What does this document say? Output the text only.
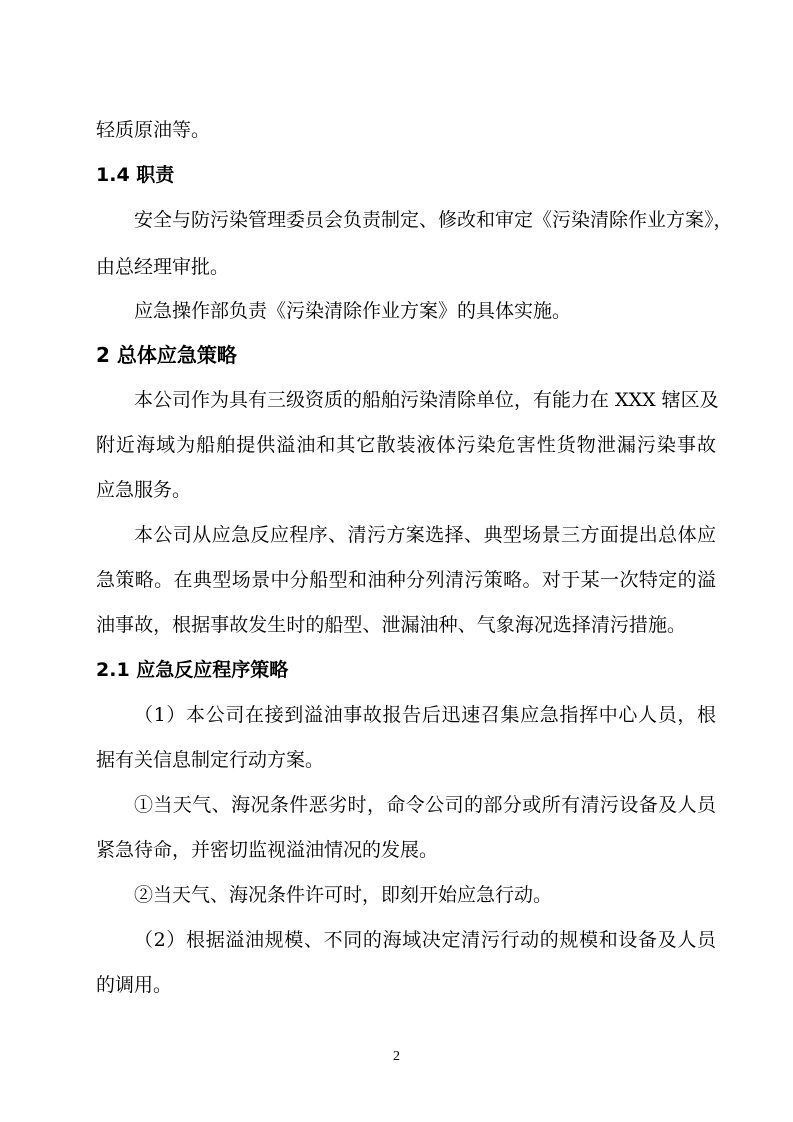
轻质原油等。
1.4 职责
安全与防污染管理委员会负责制定、修改和审定《污染清除作业方案》，
由总经理审批。
应急操作部负责《污染清除作业方案》的具体实施。
2 总体应急策略
本公司作为具有三级资质的船舶污染清除单位，有能力在 XXX 辖区及
附近海域为船舶提供溢油和其它散装液体污染危害性货物泄漏污染事故
应急服务。
本公司从应急反应程序、清污方案选择、典型场景三方面提出总体应
急策略。在典型场景中分船型和油种分列清污策略。对于某一次特定的溢
油事故，根据事故发生时的船型、泄漏油种、气象海况选择清污措施。
2.1 应急反应程序策略
（1）本公司在接到溢油事故报告后迅速召集应急指挥中心人员，根
据有关信息制定行动方案。
①当天气、海况条件恶劣时，命令公司的部分或所有清污设备及人员
紧急待命，并密切监视溢油情况的发展。
②当天气、海况条件许可时，即刻开始应急行动。
（2）根据溢油规模、不同的海域决定清污行动的规模和设备及人员
的调用。
2
